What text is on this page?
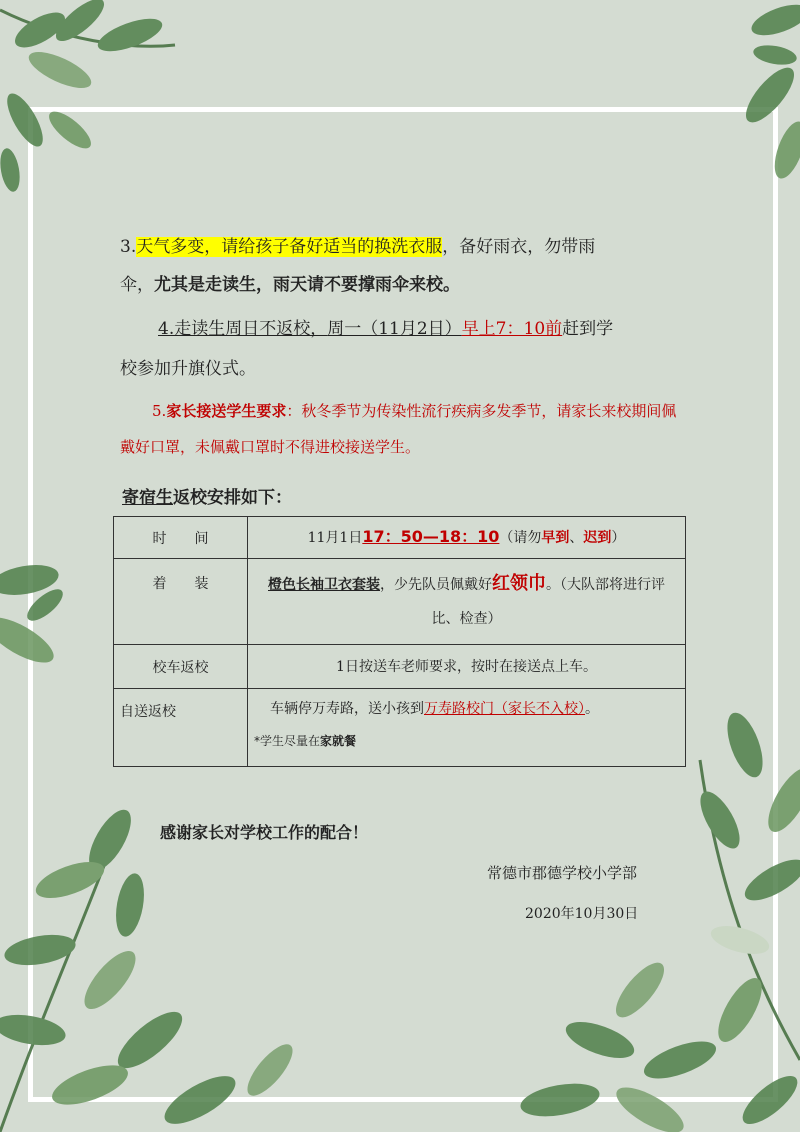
3.天气多变，请给孩子备好适当的换洗衣服，备好雨衣，勿带雨
伞，尤其是走读生，雨天请不要撑雨伞来校。
4.走读生周日不返校，周一（11月2日）早上7：10前赶到学
校参加升旗仪式。
5.家长接送学生要求：秋冬季节为传染性流行疾病多发季节，请家长来校期间佩戴好口罩，未佩戴口罩时不得进校接送学生。
寄宿生返校安排如下：
时　　间	11月1日17：50—18：10（请勿早到、迟到）
着　　装	橙色长袖卫衣套装，少先队员佩戴好红领巾。（大队部将进行评比、检查）
校车返校	1日按送车老师要求，按时在接送点上车。
自送返校	车辆停万寿路，送小孩到万寿路校门（家长不入校）。
*学生尽量在家就餐
感谢家长对学校工作的配合！
常德市郡德学校小学部
2020年10月30日
